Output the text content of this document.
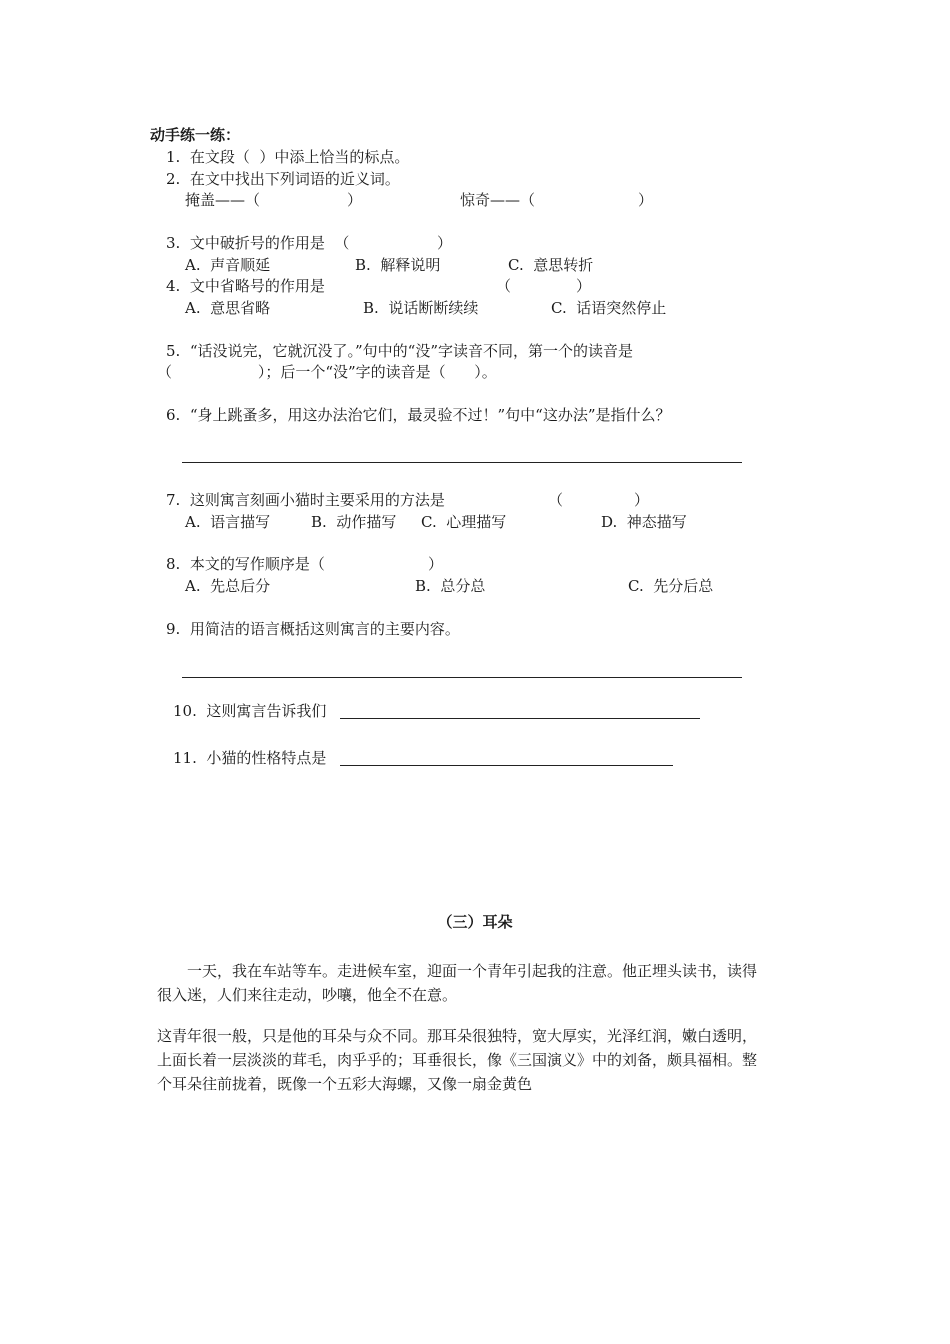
动手练一练：
1.  在文段（  ）中添上恰当的标点。
2.  在文中找出下列词语的近义词。
掩盖——（	）	惊奇——（	）
3.  文中破折号的作用是  （	）
A.  声音顺延	B.  解释说明	C.  意思转折
4.  文中省略号的作用是	（	）
A.  意思省略	B.  说话断断续续	C.  话语突然停止
5.  “话没说完，它就沉没了。”句中的“没”字读音不同，第一个的读音是
（                  ）；后一个“没”字的读音是（      ）。
6.  “身上跳蚤多，用这办法治它们，最灵验不过！”句中“这办法”是指什么？
7.  这则寓言刻画小猫时主要采用的方法是	（	）
A.  语言描写	B.  动作描写 C.  心理描写	D.  神态描写
8.  本文的写作顺序是（	）
A.  先总后分	B.  总分总	C.  先分后总
9.  用简洁的语言概括这则寓言的主要内容。
10.  这则寓言告诉我们
11.  小猫的性格特点是
（三）耳朵
　　一天，我在车站等车。走进候车室，迎面一个青年引起我的注意。他正埋头读书，读得很入迷，人们来往走动，吵嚷，他全不在意。
这青年很一般，只是他的耳朵与众不同。那耳朵很独特，宽大厚实，光泽红润，嫩白透明，上面长着一层淡淡的茸毛，肉乎乎的；耳垂很长，像《三国演义》中的刘备，颇具福相。整个耳朵往前拢着，既像一个五彩大海螺，又像一扇金黄色
